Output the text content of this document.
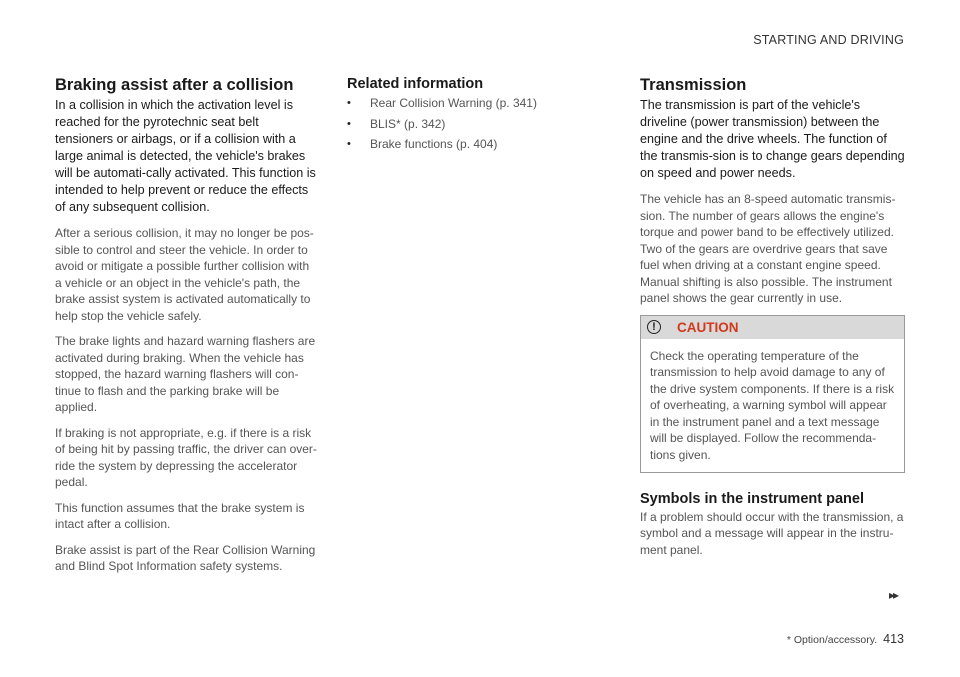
STARTING AND DRIVING
Braking assist after a collision

In a collision in which the activation level is reached for the pyrotechnic seat belt tensioners or airbags, or if a collision with a large animal is detected, the vehicle's brakes will be automati-cally activated. This function is intended to help prevent or reduce the effects of any subsequent collision.

After a serious collision, it may no longer be pos-sible to control and steer the vehicle. In order to avoid or mitigate a possible further collision with a vehicle or an object in the vehicle's path, the brake assist system is activated automatically to help stop the vehicle safely.

The brake lights and hazard warning flashers are activated during braking. When the vehicle has stopped, the hazard warning flashers will con-tinue to flash and the parking brake will be applied.

If braking is not appropriate, e.g. if there is a risk of being hit by passing traffic, the driver can over-ride the system by depressing the accelerator pedal.

This function assumes that the brake system is intact after a collision.

Brake assist is part of the Rear Collision Warning and Blind Spot Information safety systems.

Related information
•	Rear Collision Warning (p. 341)
•	BLIS* (p. 342)
•	Brake functions (p. 404)
Transmission

The transmission is part of the vehicle's driveline (power transmission) between the engine and the drive wheels. The function of the transmis-sion is to change gears depending on speed and power needs.

The vehicle has an 8-speed automatic transmis-sion. The number of gears allows the engine's torque and power band to be effectively utilized. Two of the gears are overdrive gears that save fuel when driving at a constant engine speed. Manual shifting is also possible. The instrument panel shows the gear currently in use.

!	CAUTION
Check the operating temperature of the transmission to help avoid damage to any of the drive system components. If there is a risk of overheating, a warning symbol will appear in the instrument panel and a text message will be displayed. Follow the recommenda-tions given.
Symbols in the instrument panel

If a problem should occur with the transmission, a symbol and a message will appear in the instru-ment panel.

▸▸
* Option/accessory. 413
